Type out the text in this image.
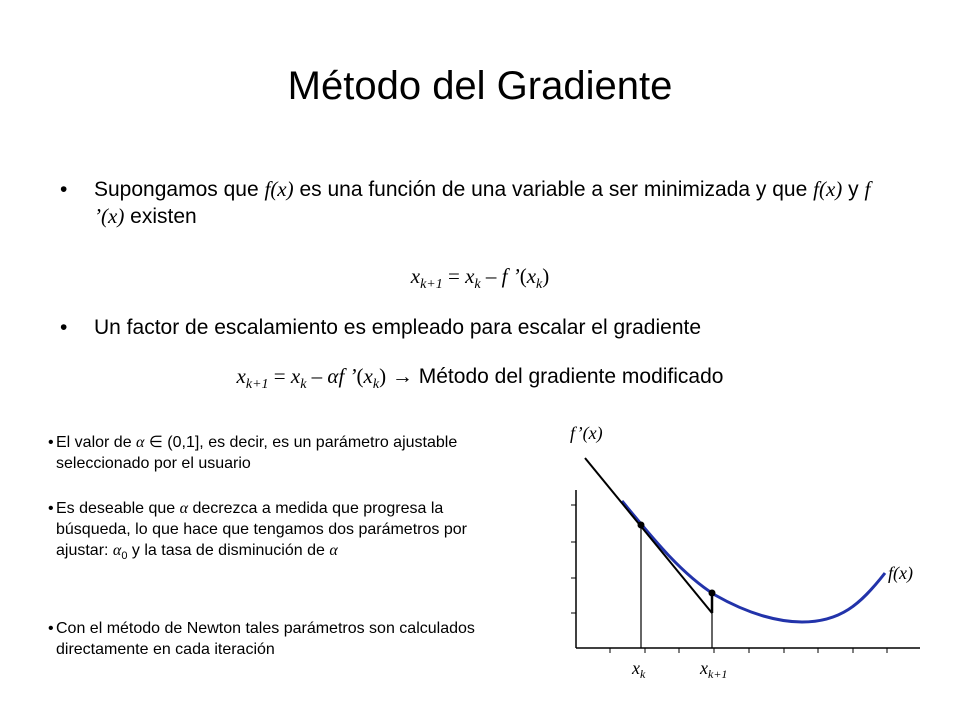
Método del Gradiente
• Supongamos que f(x) es una función de una variable a ser minimizada y que f(x) y f ’(x) existen
$x_{k+1} = x_k - f$ $’(x_k)$
• Un factor de escalamiento es empleado para escalar el gradiente
$x_{k+1} = x_k - \alpha f$ $’(x_k)$ → Método del gradiente modificado
• El valor de α ∈ (0,1], es decir, es un parámetro ajustable seleccionado por el usuario
• Es deseable que α decrezca a medida que progresa la búsqueda, lo que hace que tengamos dos parámetros por ajustar: $\alpha_0$ y la tasa de disminución de α
• Con el método de Newton tales parámetros son calculados directamente en cada iteración
f’(x)
f(x)
$x_k$	$x_{k+1}$
